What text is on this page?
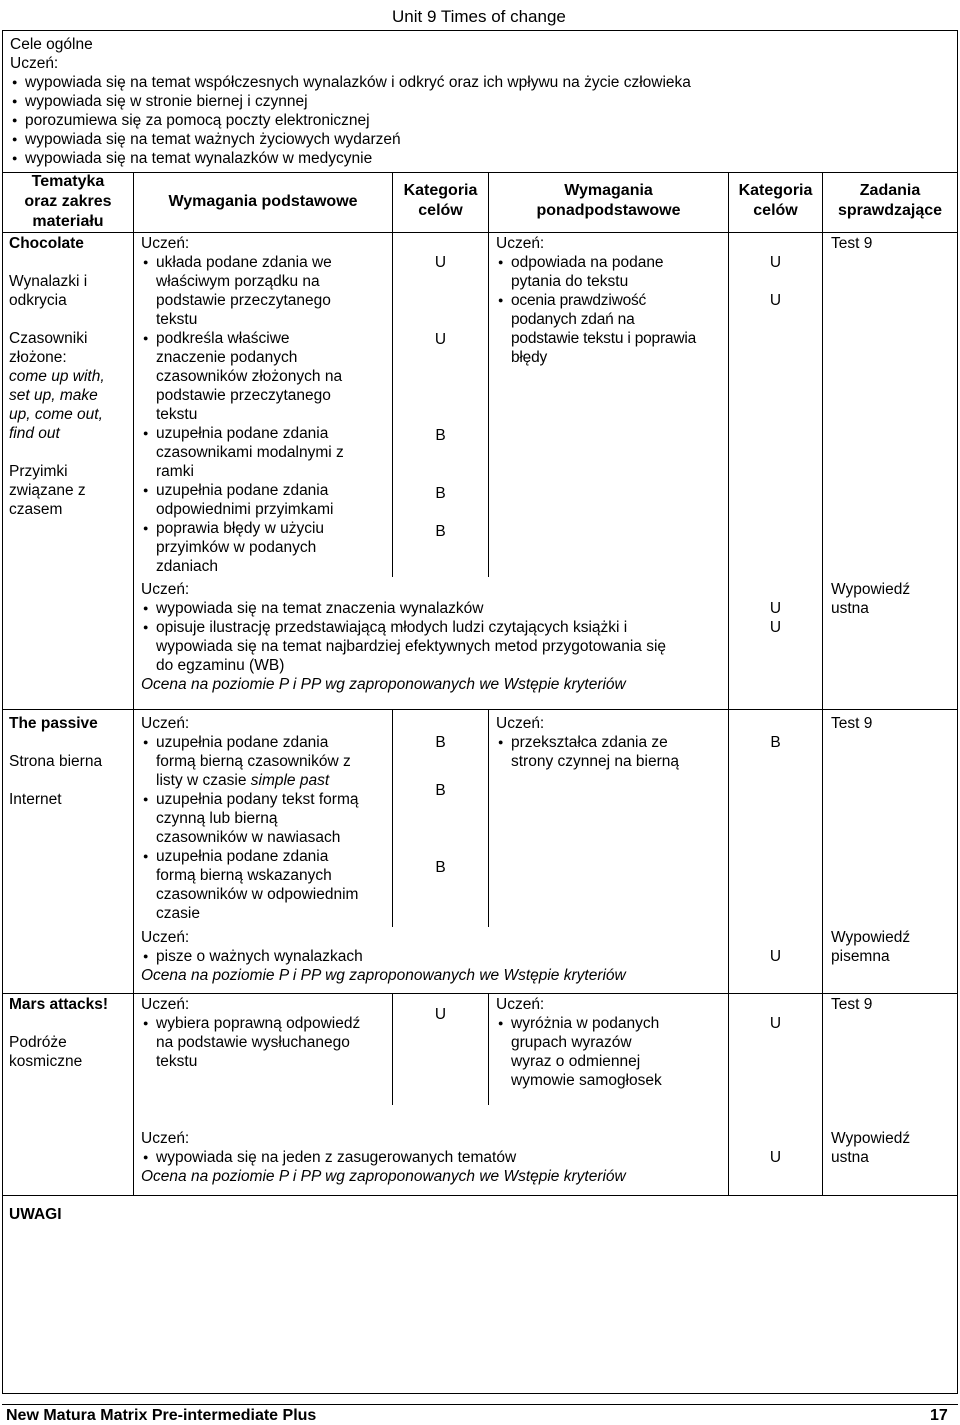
Unit 9 Times of change
Cele ogólne
Uczeń:
● wypowiada się na temat współczesnych wynalazków i odkryć oraz ich wpływu na życie człowieka
● wypowiada się w stronie biernej i czynnej
● porozumiewa się za pomocą poczty elektronicznej
● wypowiada się na temat ważnych życiowych wydarzeń
● wypowiada się na temat wynalazków w medycynie
Tematyka
oraz zakres
materiału
Wymagania podstawowe
Kategoria
celów
Wymagania
ponadpodstawowe
Kategoria
celów
Zadania
sprawdzające
Chocolate
Wynalazki i
odkrycia
Czasowniki
złożone:
come up with,
set up, make
up, come out,
find out
Przyimki
związane z
czasem
Uczeń:
● układa podane zdania we
właściwym porządku na
podstawie przeczytanego
tekstu
● podkreśla właściwe
znaczenie podanych
czasowników złożonych na
podstawie przeczytanego
tekstu
● uzupełnia podane zdania
czasownikami modalnymi z
ramki
● uzupełnia podane zdania
odpowiednimi przyimkami
● poprawia błędy w użyciu
przyimków w podanych
zdaniach
U
U
B
B
B
Uczeń:
● odpowiada na podane
pytania do tekstu
● ocenia prawdziwość
podanych zdań na
podstawie tekstu i poprawia
błędy
U
U
Test 9
Uczeń:
● wypowiada się na temat znaczenia wynalazków
● opisuje ilustrację przedstawiającą młodych ludzi czytających książki i
wypowiada się na temat najbardziej efektywnych metod przygotowania się
do egzaminu (WB)
Ocena na poziomie P i PP wg zaproponowanych we Wstępie kryteriów
U
U
Wypowiedź
ustna
The passive
Strona bierna
Internet
Uczeń:
● uzupełnia podane zdania
formą bierną czasowników z
listy w czasie simple past
● uzupełnia podany tekst formą
czynną lub bierną
czasowników w nawiasach
● uzupełnia podane zdania
formą bierną wskazanych
czasowników w odpowiednim
czasie
B
B
B
Uczeń:
● przekształca zdania ze
strony czynnej na bierną
B
Test 9
Uczeń:
● pisze o ważnych wynalazkach
Ocena na poziomie P i PP wg zaproponowanych we Wstępie kryteriów
U
Wypowiedź
pisemna
Mars attacks!
Podróże
kosmiczne
Uczeń:
● wybiera poprawną odpowiedź
na podstawie wysłuchanego
tekstu
U
Uczeń:
● wyróżnia w podanych
grupach wyrazów
wyraz o odmiennej
wymowie samogłosek
U
Test 9
Uczeń:
● wypowiada się na jeden z zasugerowanych tematów
Ocena na poziomie P i PP wg zaproponowanych we Wstępie kryteriów
U
Wypowiedź
ustna
UWAGI
New Matura Matrix Pre-intermediate Plus	17
